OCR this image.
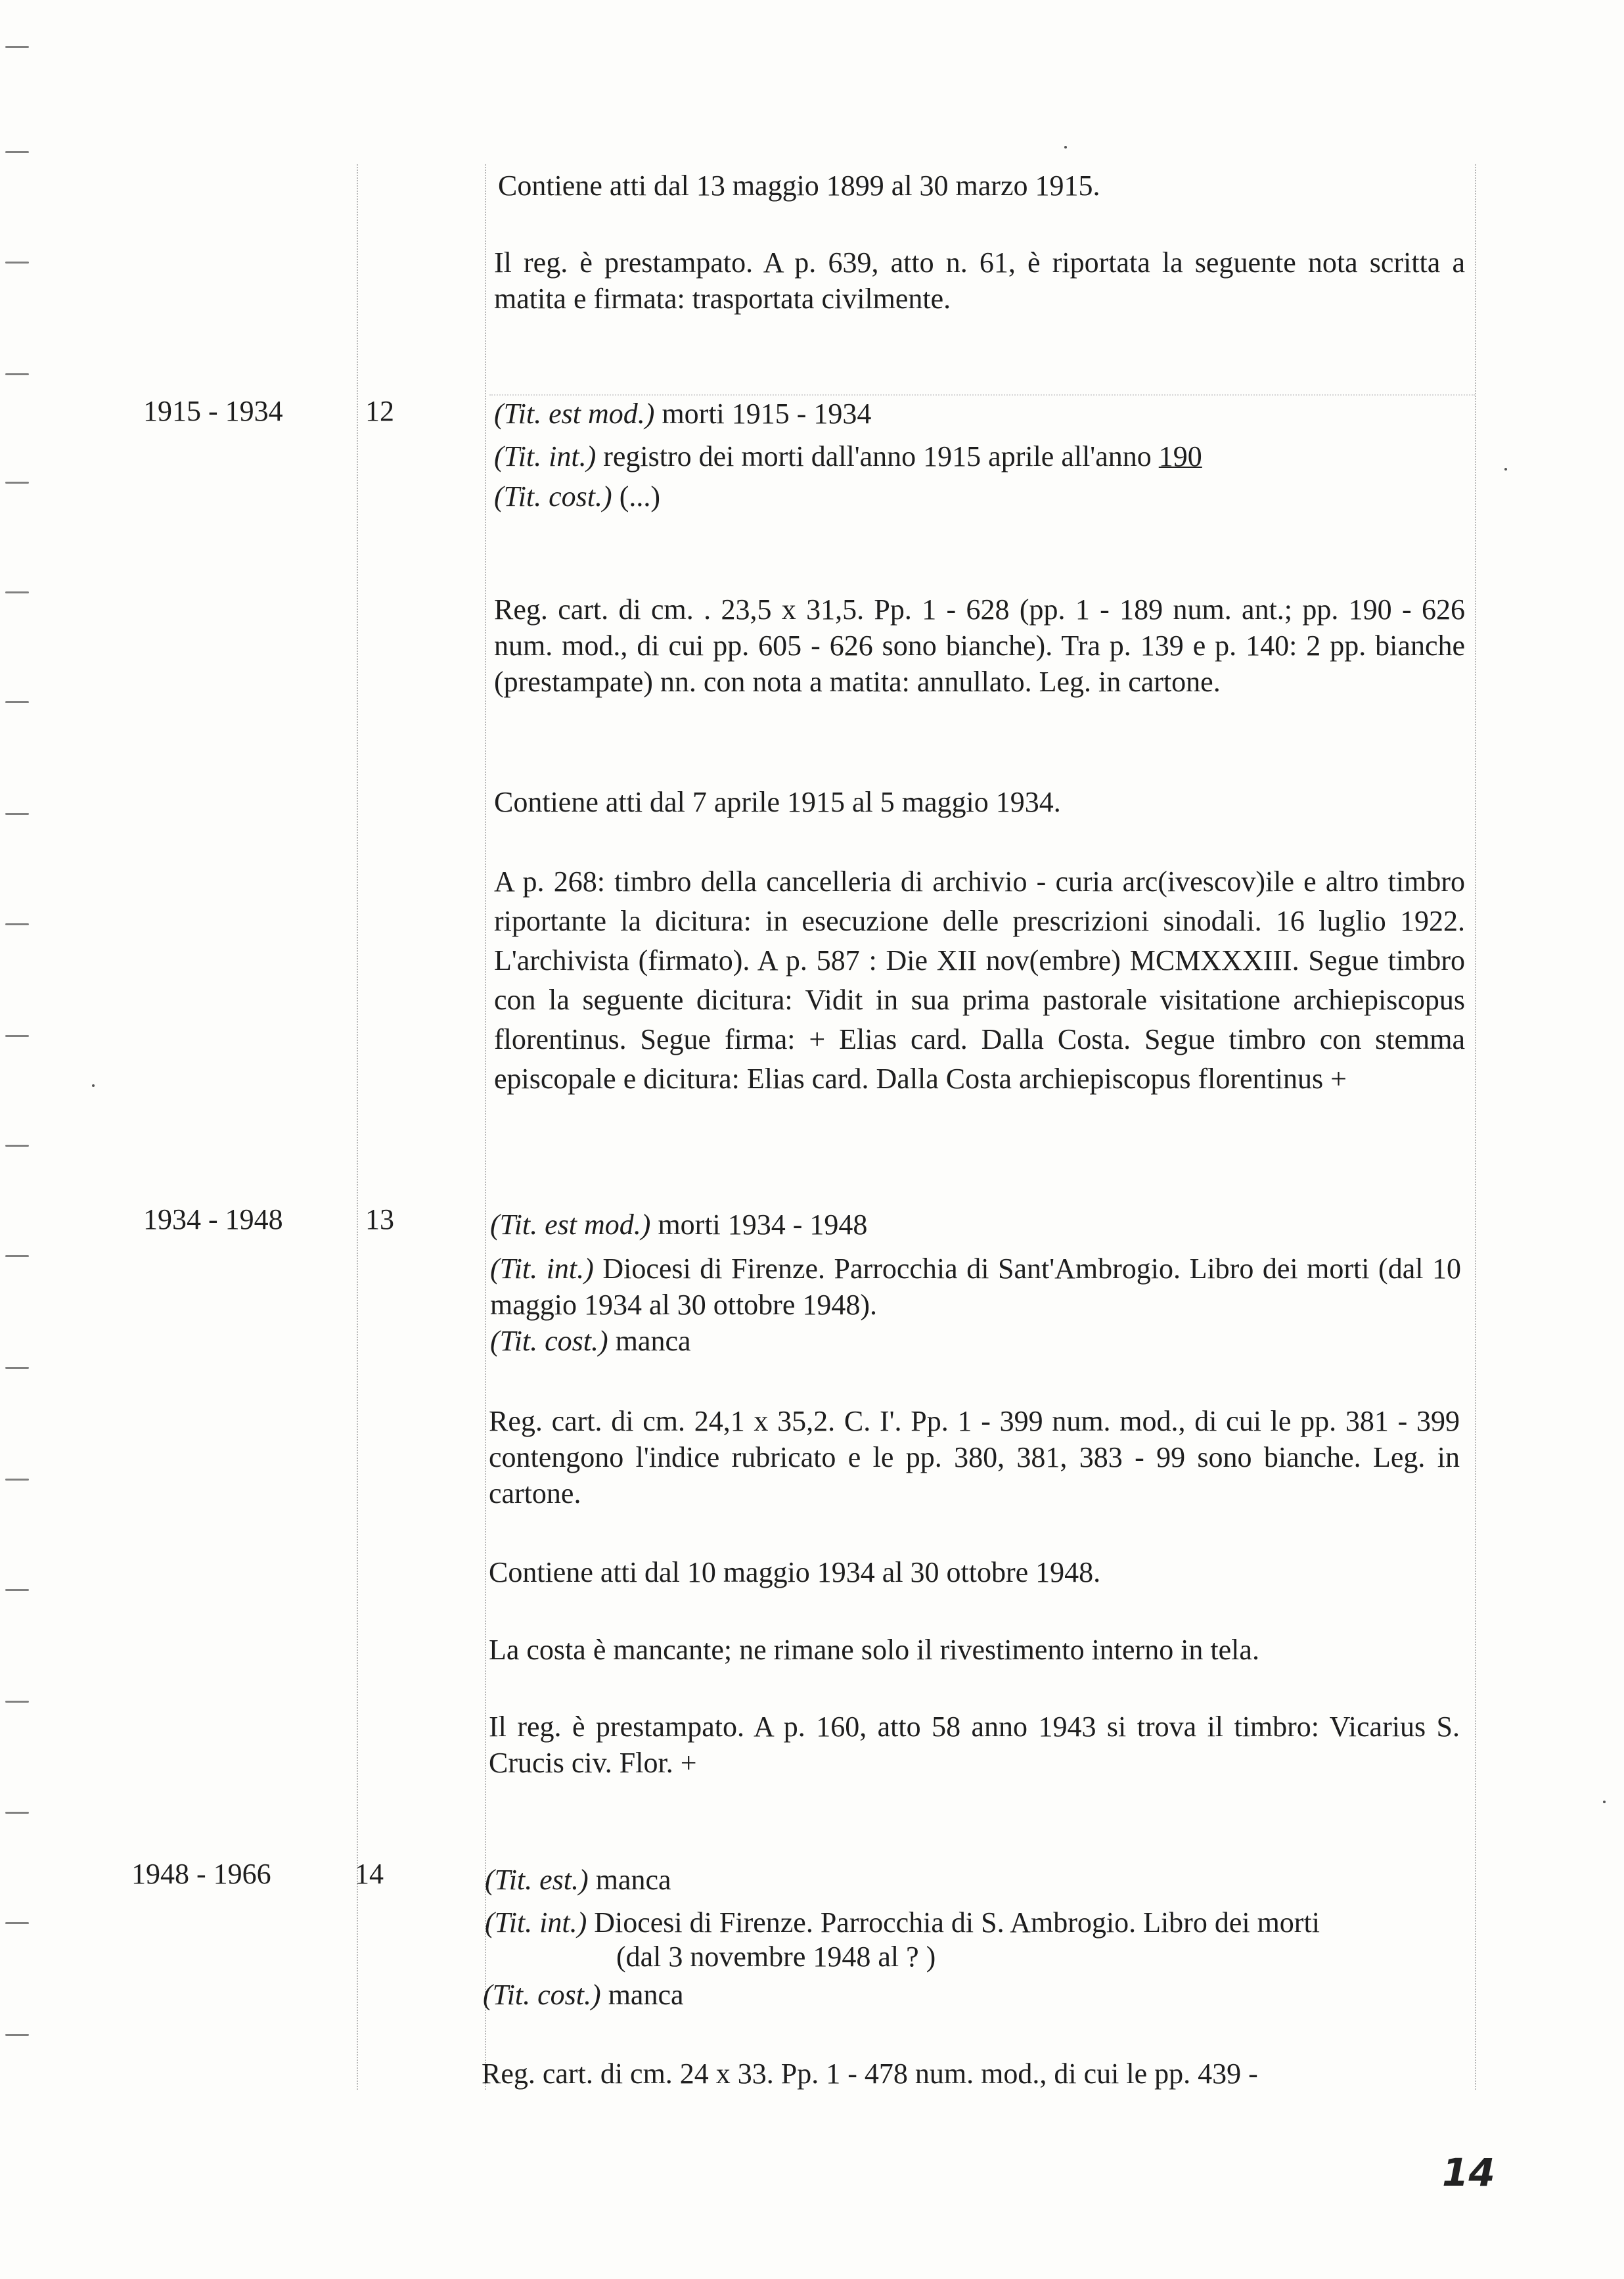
Contiene atti dal 13 maggio 1899 al 30 marzo 1915.
Il reg. è prestampato. A p. 639, atto n. 61, è riportata la seguente nota scritta a matita e firmata: trasportata civilmente.
1915 - 1934	12	(Tit. est mod.) morti 1915 - 1934
(Tit. int.) registro dei morti dall'anno 1915 aprile all'anno 190
(Tit. cost.) (...)
Reg. cart. di cm. . 23,5 x 31,5. Pp. 1 - 628 (pp. 1 - 189 num. ant.; pp. 190 - 626 num. mod., di cui pp. 605 - 626 sono bianche). Tra p. 139 e p. 140: 2 pp. bianche (prestampate) nn. con nota a matita: annullato. Leg. in cartone.
Contiene atti dal 7 aprile 1915 al 5 maggio 1934.
A p. 268: timbro della cancelleria di archivio - curia arc(ivescov)ile e altro timbro riportante la dicitura: in esecuzione delle prescrizioni sinodali. 16 luglio 1922. L'archivista (firmato). A p. 587 : Die XII nov(embre) MCMXXXIII. Segue timbro con la seguente dicitura: Vidit in sua prima pastorale visitatione archiepiscopus florentinus. Segue firma: + Elias card. Dalla Costa. Segue timbro con stemma episcopale e dicitura: Elias card. Dalla Costa archiepiscopus florentinus +
1934 - 1948	13	(Tit. est mod.) morti 1934 - 1948
(Tit. int.) Diocesi di Firenze. Parrocchia di Sant'Ambrogio. Libro dei morti (dal 10 maggio 1934 al 30 ottobre 1948).
(Tit. cost.) manca
Reg. cart. di cm. 24,1 x 35,2. C. I'. Pp. 1 - 399 num. mod., di cui le pp. 381 - 399 contengono l'indice rubricato e le pp. 380, 381, 383 - 99 sono bianche. Leg. in cartone.
Contiene atti dal 10 maggio 1934 al 30 ottobre 1948.
La costa è mancante; ne rimane solo il rivestimento interno in tela.
Il reg. è prestampato. A p. 160, atto 58 anno 1943 si trova il timbro: Vicarius S. Crucis civ. Flor. +
1948 - 1966	14	(Tit. est.) manca
(Tit. int.) Diocesi di Firenze. Parrocchia di S. Ambrogio. Libro dei morti
(dal 3 novembre 1948 al ? )
(Tit. cost.) manca
Reg. cart. di cm. 24 x 33. Pp. 1 - 478 num. mod., di cui le pp. 439 -
14
